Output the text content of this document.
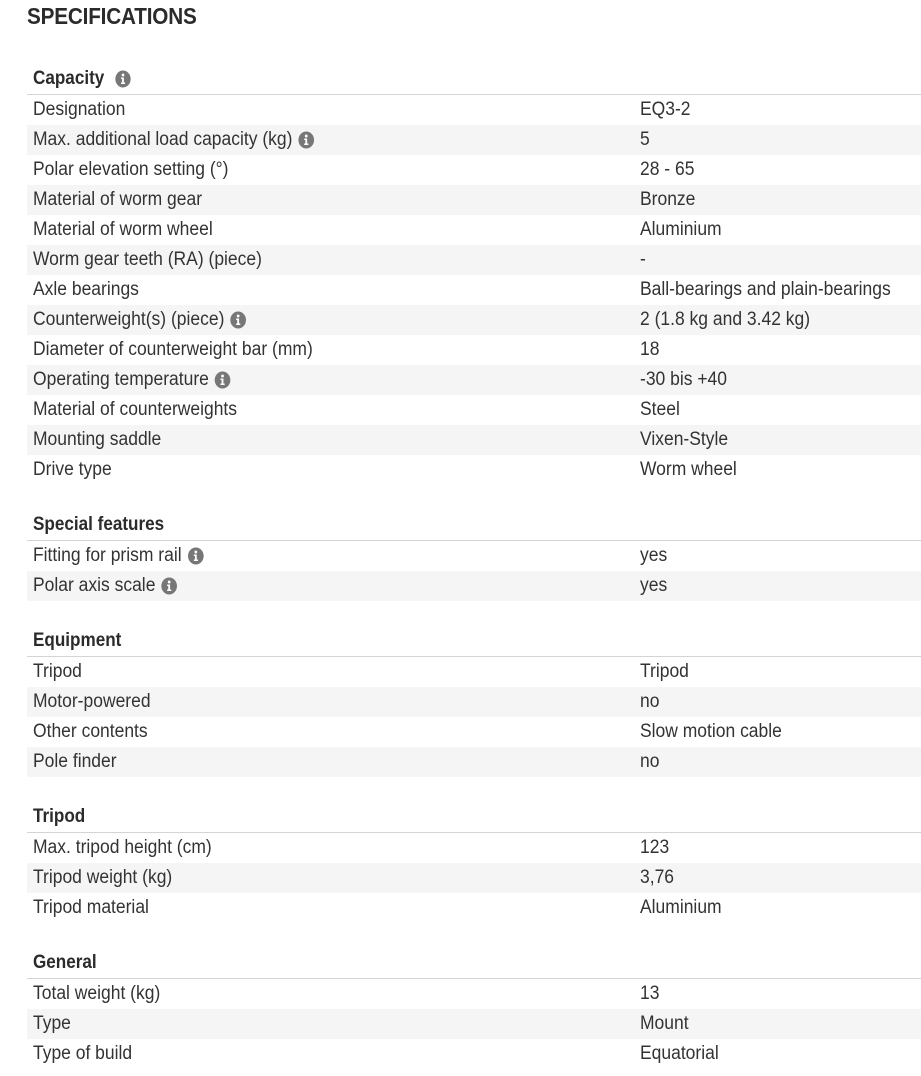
SPECIFICATIONS
Capacity
Designation	EQ3-2
Max. additional load capacity (kg)	5
Polar elevation setting (°)	28 - 65
Material of worm gear	Bronze
Material of worm wheel	Aluminium
Worm gear teeth (RA) (piece)	-
Axle bearings	Ball-bearings and plain-bearings
Counterweight(s) (piece)	2 (1.8 kg and 3.42 kg)
Diameter of counterweight bar (mm)	18
Operating temperature	-30 bis +40
Material of counterweights	Steel
Mounting saddle	Vixen-Style
Drive type	Worm wheel
Special features
Fitting for prism rail	yes
Polar axis scale	yes
Equipment
Tripod	Tripod
Motor-powered	no
Other contents	Slow motion cable
Pole finder	no
Tripod
Max. tripod height (cm)	123
Tripod weight (kg)	3,76
Tripod material	Aluminium
General
Total weight (kg)	13
Type	Mount
Type of build	Equatorial
